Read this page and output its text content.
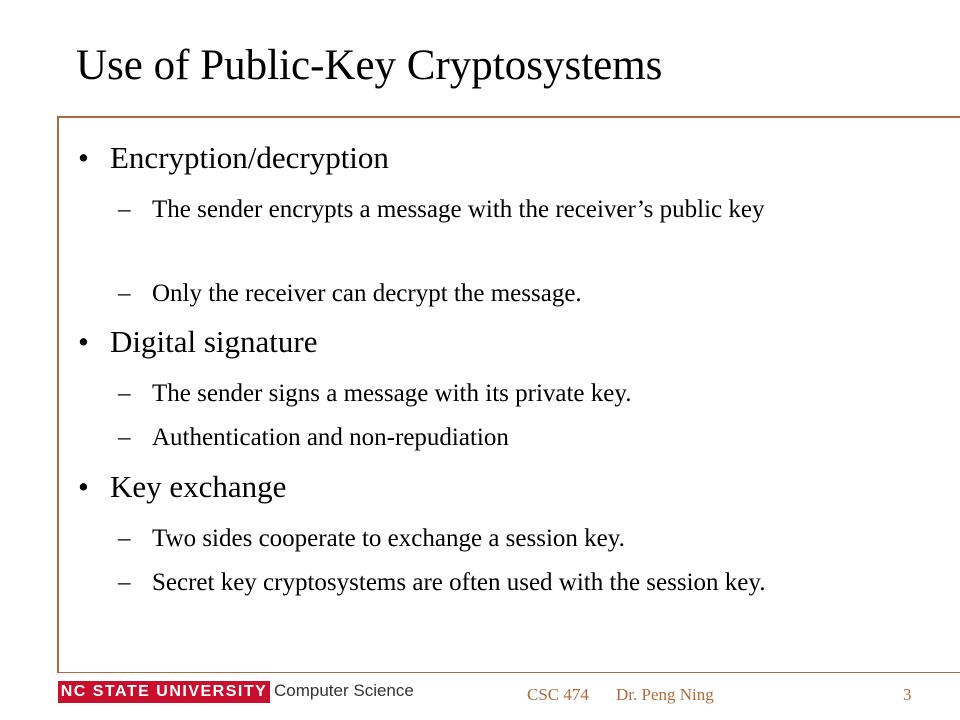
Use of Public-Key Cryptosystems
• Encryption/decryption
– The sender encrypts a message with the receiver’s public key
– Only the receiver can decrypt the message.
• Digital signature
– The sender signs a message with its private key.
– Authentication and non-repudiation
• Key exchange
– Two sides cooperate to exchange a session key.
– Secret key cryptosystems are often used with the session key.
NC STATE UNIVERSITY Computer Science	CSC 474 Dr. Peng Ning	3
